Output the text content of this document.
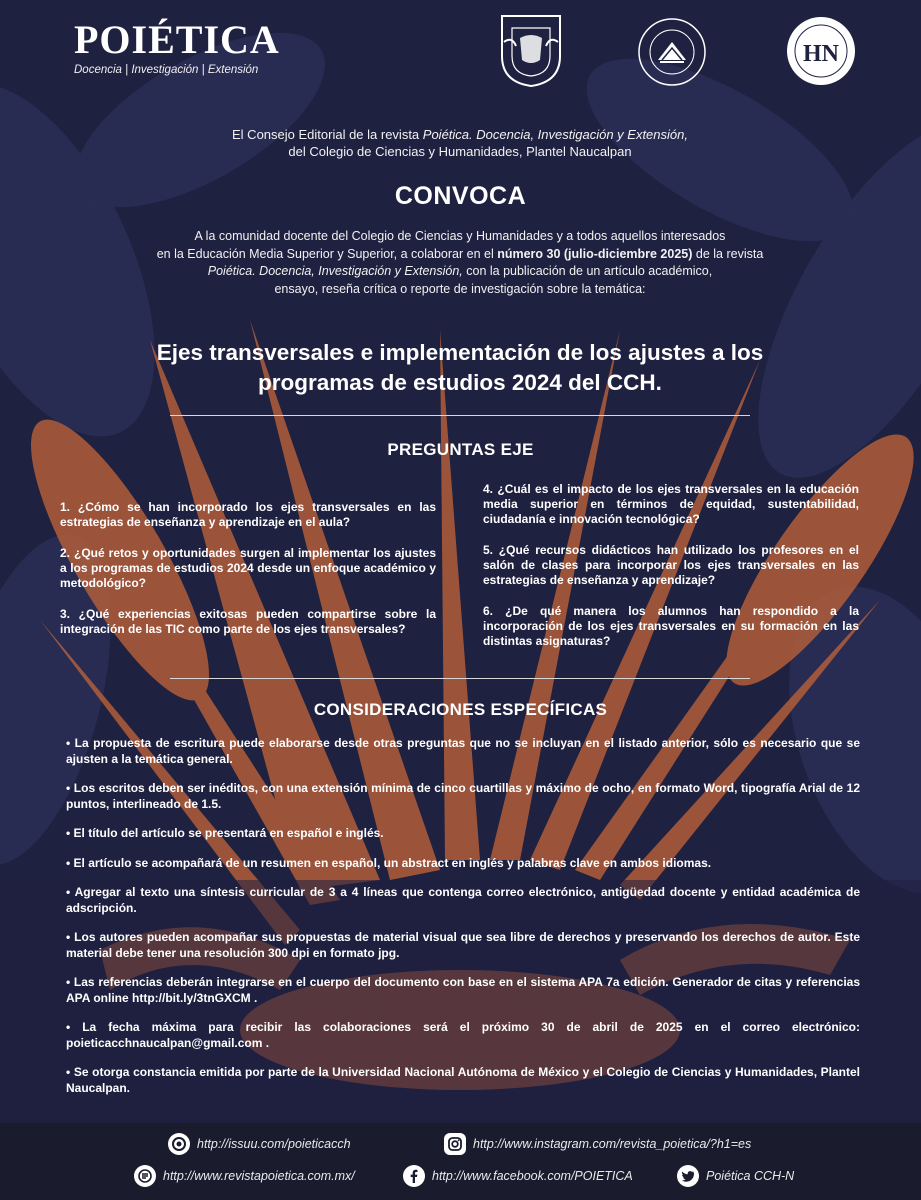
POIÉTICA
Docencia | Investigación | Extensión
HN
El Consejo Editorial de la revista Poiética. Docencia, Investigación y Extensión,
del Colegio de Ciencias y Humanidades, Plantel Naucalpan
CONVOCA
A la comunidad docente del Colegio de Ciencias y Humanidades y a todos aquellos interesados
en la Educación Media Superior y Superior, a colaborar en el número 30 (julio-diciembre 2025) de la revista
Poiética. Docencia, Investigación y Extensión, con la publicación de un artículo académico,
ensayo, reseña crítica o reporte de investigación sobre la temática:
Ejes transversales e implementación de los ajustes a los
programas de estudios 2024 del CCH.
PREGUNTAS EJE

1. ¿Cómo se han incorporado los ejes transversales en las estrategias de enseñanza y aprendizaje en el aula?

2. ¿Qué retos y oportunidades surgen al implementar los ajustes a los programas de estudios 2024 desde un enfoque académico y metodológico?

3. ¿Qué experiencias exitosas pueden compartirse sobre la integración de las TIC como parte de los ejes transversales?

4. ¿Cuál es el impacto de los ejes transversales en la educación media superior en términos de equidad, sustentabilidad, ciudadanía e innovación tecnológica?

5. ¿Qué recursos didácticos han utilizado los profesores en el salón de clases para incorporar los ejes transversales en las estrategias de enseñanza y aprendizaje?

6. ¿De qué manera los alumnos han respondido a la incorporación de los ejes transversales en su formación en las distintas asignaturas?

CONSIDERACIONES ESPECÍFICAS

• La propuesta de escritura puede elaborarse desde otras preguntas que no se incluyan en el listado anterior, sólo es necesario que se ajusten a la temática general.

• Los escritos deben ser inéditos, con una extensión mínima de cinco cuartillas y máximo de ocho, en formato Word, tipografía Arial de 12 puntos, interlineado de 1.5.

• El título del artículo se presentará en español e inglés.

• El artículo se acompañará de un resumen en español, un abstract en inglés y palabras clave en ambos idiomas.

• Agregar al texto una síntesis curricular de 3 a 4 líneas que contenga correo electrónico, antigüedad docente y entidad académica de adscripción.

• Los autores pueden acompañar sus propuestas de material visual que sea libre de derechos y preservando los derechos de autor. Este material debe tener una resolución 300 dpi en formato jpg.

• Las referencias deberán integrarse en el cuerpo del documento con base en el sistema APA 7a edición. Generador de citas y referencias APA online http://bit.ly/3tnGXCM .

• La fecha máxima para recibir las colaboraciones será el próximo 30 de abril de 2025 en el correo electrónico: poieticacchnaucalpan@gmail.com .

• Se otorga constancia emitida por parte de la Universidad Nacional Autónoma de México y el Colegio de Ciencias y Humanidades, Plantel Naucalpan.

http://issuu.com/poieticacch	http://www.instagram.com/revista_poietica/?h1=es
http://www.revistapoietica.com.mx/	http://www.facebook.com/POIETICA	Poiética CCH-N
